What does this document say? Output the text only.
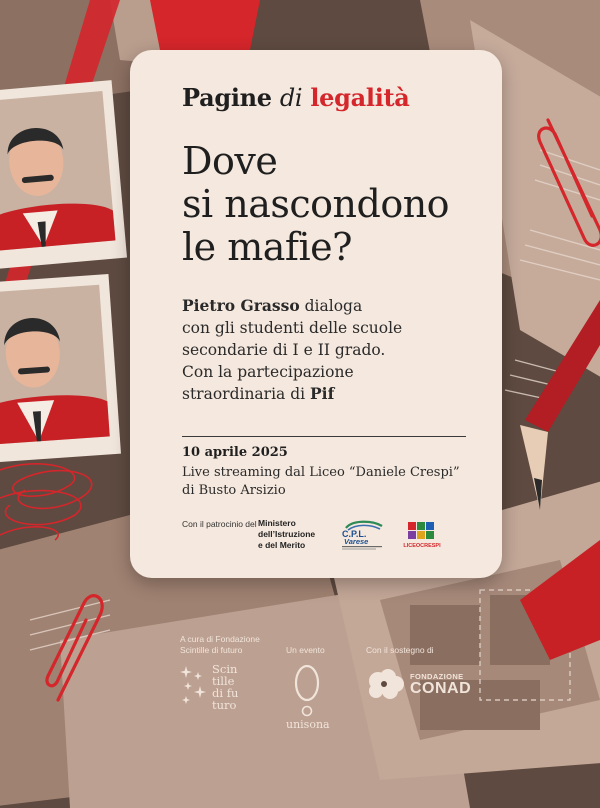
Pagine di legalità
Dove
si nascondono
le mafie?
Pietro Grasso dialoga
con gli studenti delle scuole
secondarie di I e II grado.
Con la partecipazione
straordinaria di Pif
10 aprile 2025
Live streaming dal Liceo “Daniele Crespi”
di Busto Arsizio
Con il patrocinio del Ministero
dell’Istruzione
e del Merito
C.P.L.
Varese	LICEOCRESPI
A cura di Fondazione
Scintille di futuro
Scin
tille
di fu
turo
Un evento
unisona
Con il sostegno di
FONDAZIONE
CONAD
